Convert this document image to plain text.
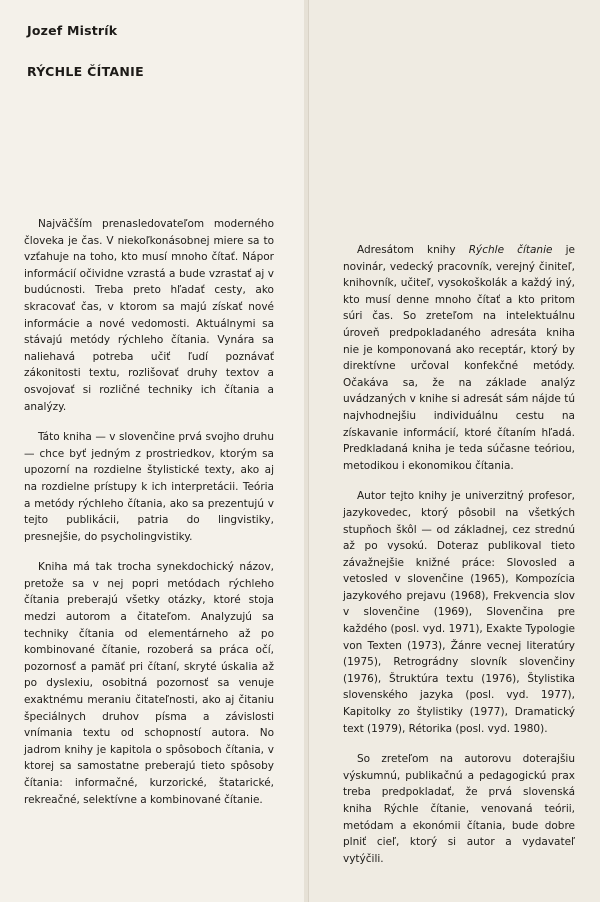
Jozef Mistrík
RÝCHLE ČÍTANIE

Najväčším prenasledovateľom moderného človeka je čas. V niekoľkonásobnej miere sa to vzťahuje na toho, kto musí mnoho čítať. Nápor informácií očividne vzrastá a bude vzrastať aj v budúcnosti. Treba preto hľadať cesty, ako skracovať čas, v ktorom sa majú získať nové informácie a nové vedomosti. Aktuálnymi sa stávajú metódy rýchleho čítania. Vynára sa naliehavá potreba učiť ľudí poznávať zákonitosti textu, rozlišovať druhy textov a osvojovať si rozličné techniky ich čítania a analýzy.

Táto kniha — v slovenčine prvá svojho druhu — chce byť jedným z prostriedkov, ktorým sa upozorní na rozdielne štylistické texty, ako aj na rozdielne prístupy k ich interpretácii. Teória a metódy rýchleho čítania, ako sa prezentujú v tejto publikácii, patria do lingvistiky, presnejšie, do psycholingvistiky.

Kniha má tak trocha synekdochický názov, pretože sa v nej popri metódach rýchleho čítania preberajú všetky otázky, ktoré stoja medzi autorom a čitateľom. Analyzujú sa techniky čítania od elementárneho až po kombinované čítanie, rozoberá sa práca očí, pozornosť a pamäť pri čítaní, skryté úskalia až po dyslexiu, osobitná pozornosť sa venuje exaktnému meraniu čitateľnosti, ako aj čitaniu špeciálnych druhov písma a závislosti vnímania textu od schopností autora. No jadrom knihy je kapitola o spôsoboch čítania, v ktorej sa samostatne preberajú tieto spôsoby čítania: informačné, kurzorické, štatarické, rekreačné, selektívne a kombinované čítanie.

Adresátom knihy Rýchle čítanie je novinár, vedecký pracovník, verejný činiteľ, knihovník, učiteľ, vysokoškolák a každý iný, kto musí denne mnoho čítať a kto pritom súri čas. So zreteľom na intelektuálnu úroveň predpokladaného adresáta kniha nie je komponovaná ako receptár, ktorý by direktívne určoval konfekčné metódy. Očakáva sa, že na základe analýz uvádzaných v knihe si adresát sám nájde tú najvhodnejšiu individuálnu cestu na získavanie informácií, ktoré čítaním hľadá. Predkladaná kniha je teda súčasne teóriou, metodikou i ekonomikou čítania.

Autor tejto knihy je univerzitný profesor, jazykovedec, ktorý pôsobil na všetkých stupňoch škôl — od základnej, cez strednú až po vysokú. Doteraz publikoval tieto závažnejšie knižné práce: Slovosled a vetosled v slovenčine (1965), Kompozícia jazykového prejavu (1968), Frekvencia slov v slovenčine (1969), Slovenčina pre každého (posl. vyd. 1971), Exakte Typologie von Texten (1973), Žánre vecnej literatúry (1975), Retrográdny slovník slovenčiny (1976), Štruktúra textu (1976), Štylistika slovenského jazyka (posl. vyd. 1977), Kapitolky zo štylistiky (1977), Dramatický text (1979), Rétorika (posl. vyd. 1980).

So zreteľom na autorovu doterajšiu výskumnú, publikačnú a pedagogickú prax treba predpokladať, že prvá slovenská kniha Rýchle čítanie, venovaná teórii, metódam a ekonómii čítania, bude dobre plniť cieľ, ktorý si autor a vydavateľ vytýčili.
